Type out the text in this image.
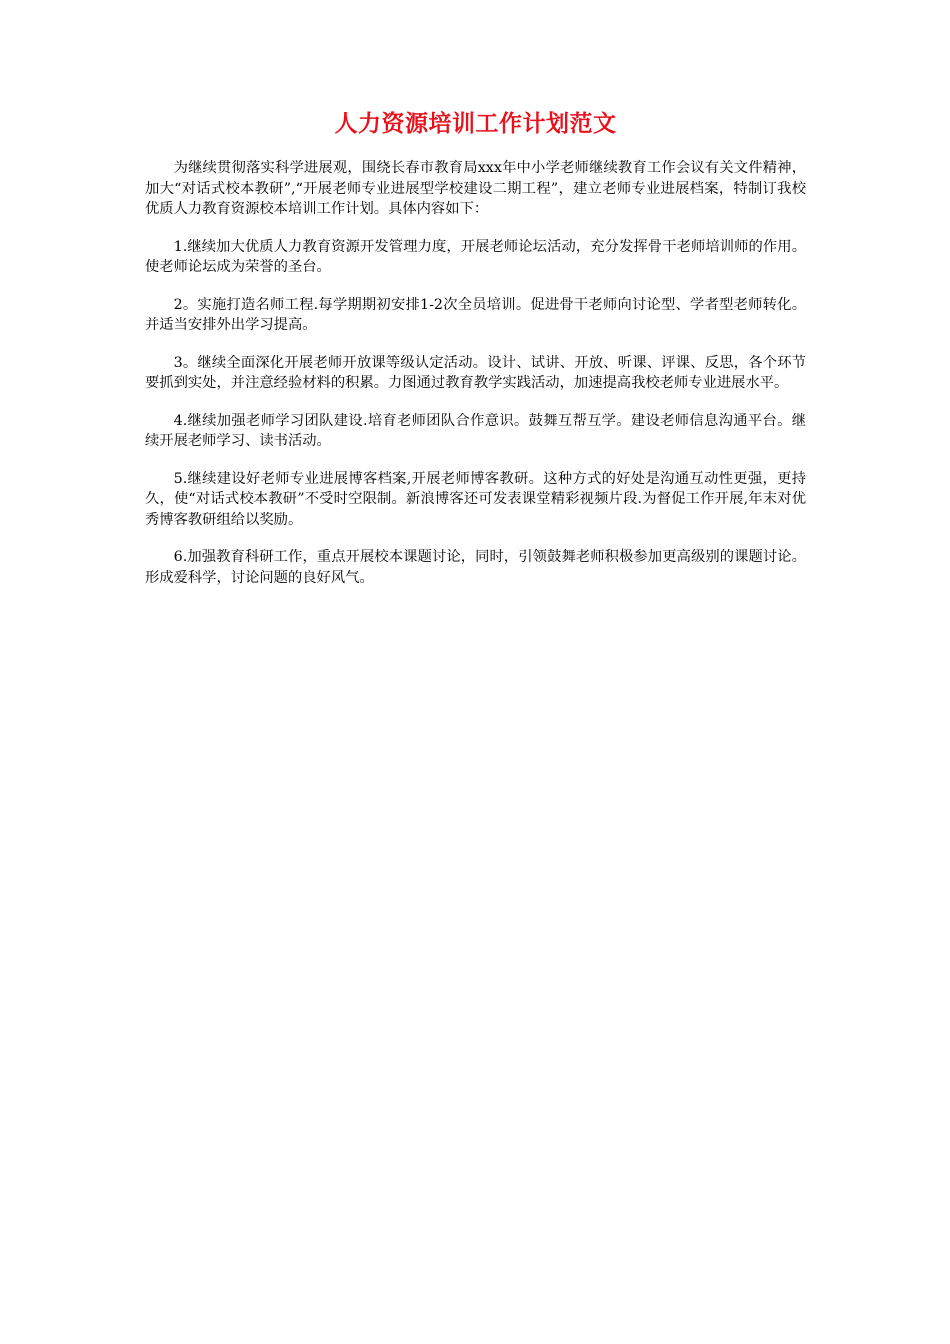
人力资源培训工作计划范文

为继续贯彻落实科学进展观，围绕长春市教育局xxx年中小学老师继续教育工作会议有关文件精神，加大“对话式校本教研”,“开展老师专业进展型学校建设二期工程”，建立老师专业进展档案，特制订我校优质人力教育资源校本培训工作计划。具体内容如下：

1.继续加大优质人力教育资源开发管理力度，开展老师论坛活动，充分发挥骨干老师培训师的作用。使老师论坛成为荣誉的圣台。

2。实施打造名师工程.每学期期初安排1-2次全员培训。促进骨干老师向讨论型、学者型老师转化。并适当安排外出学习提高。

3。继续全面深化开展老师开放课等级认定活动。设计、试讲、开放、听课、评课、反思，各个环节要抓到实处，并注意经验材料的积累。力图通过教育教学实践活动，加速提高我校老师专业进展水平。

4.继续加强老师学习团队建设.培育老师团队合作意识。鼓舞互帮互学。建设老师信息沟通平台。继续开展老师学习、读书活动。

5.继续建设好老师专业进展博客档案,开展老师博客教研。这种方式的好处是沟通互动性更强，更持久，使“对话式校本教研”不受时空限制。新浪博客还可发表课堂精彩视频片段.为督促工作开展,年末对优秀博客教研组给以奖励。

6.加强教育科研工作，重点开展校本课题讨论，同时，引领鼓舞老师积极参加更高级别的课题讨论。形成爱科学，讨论问题的良好风气。
